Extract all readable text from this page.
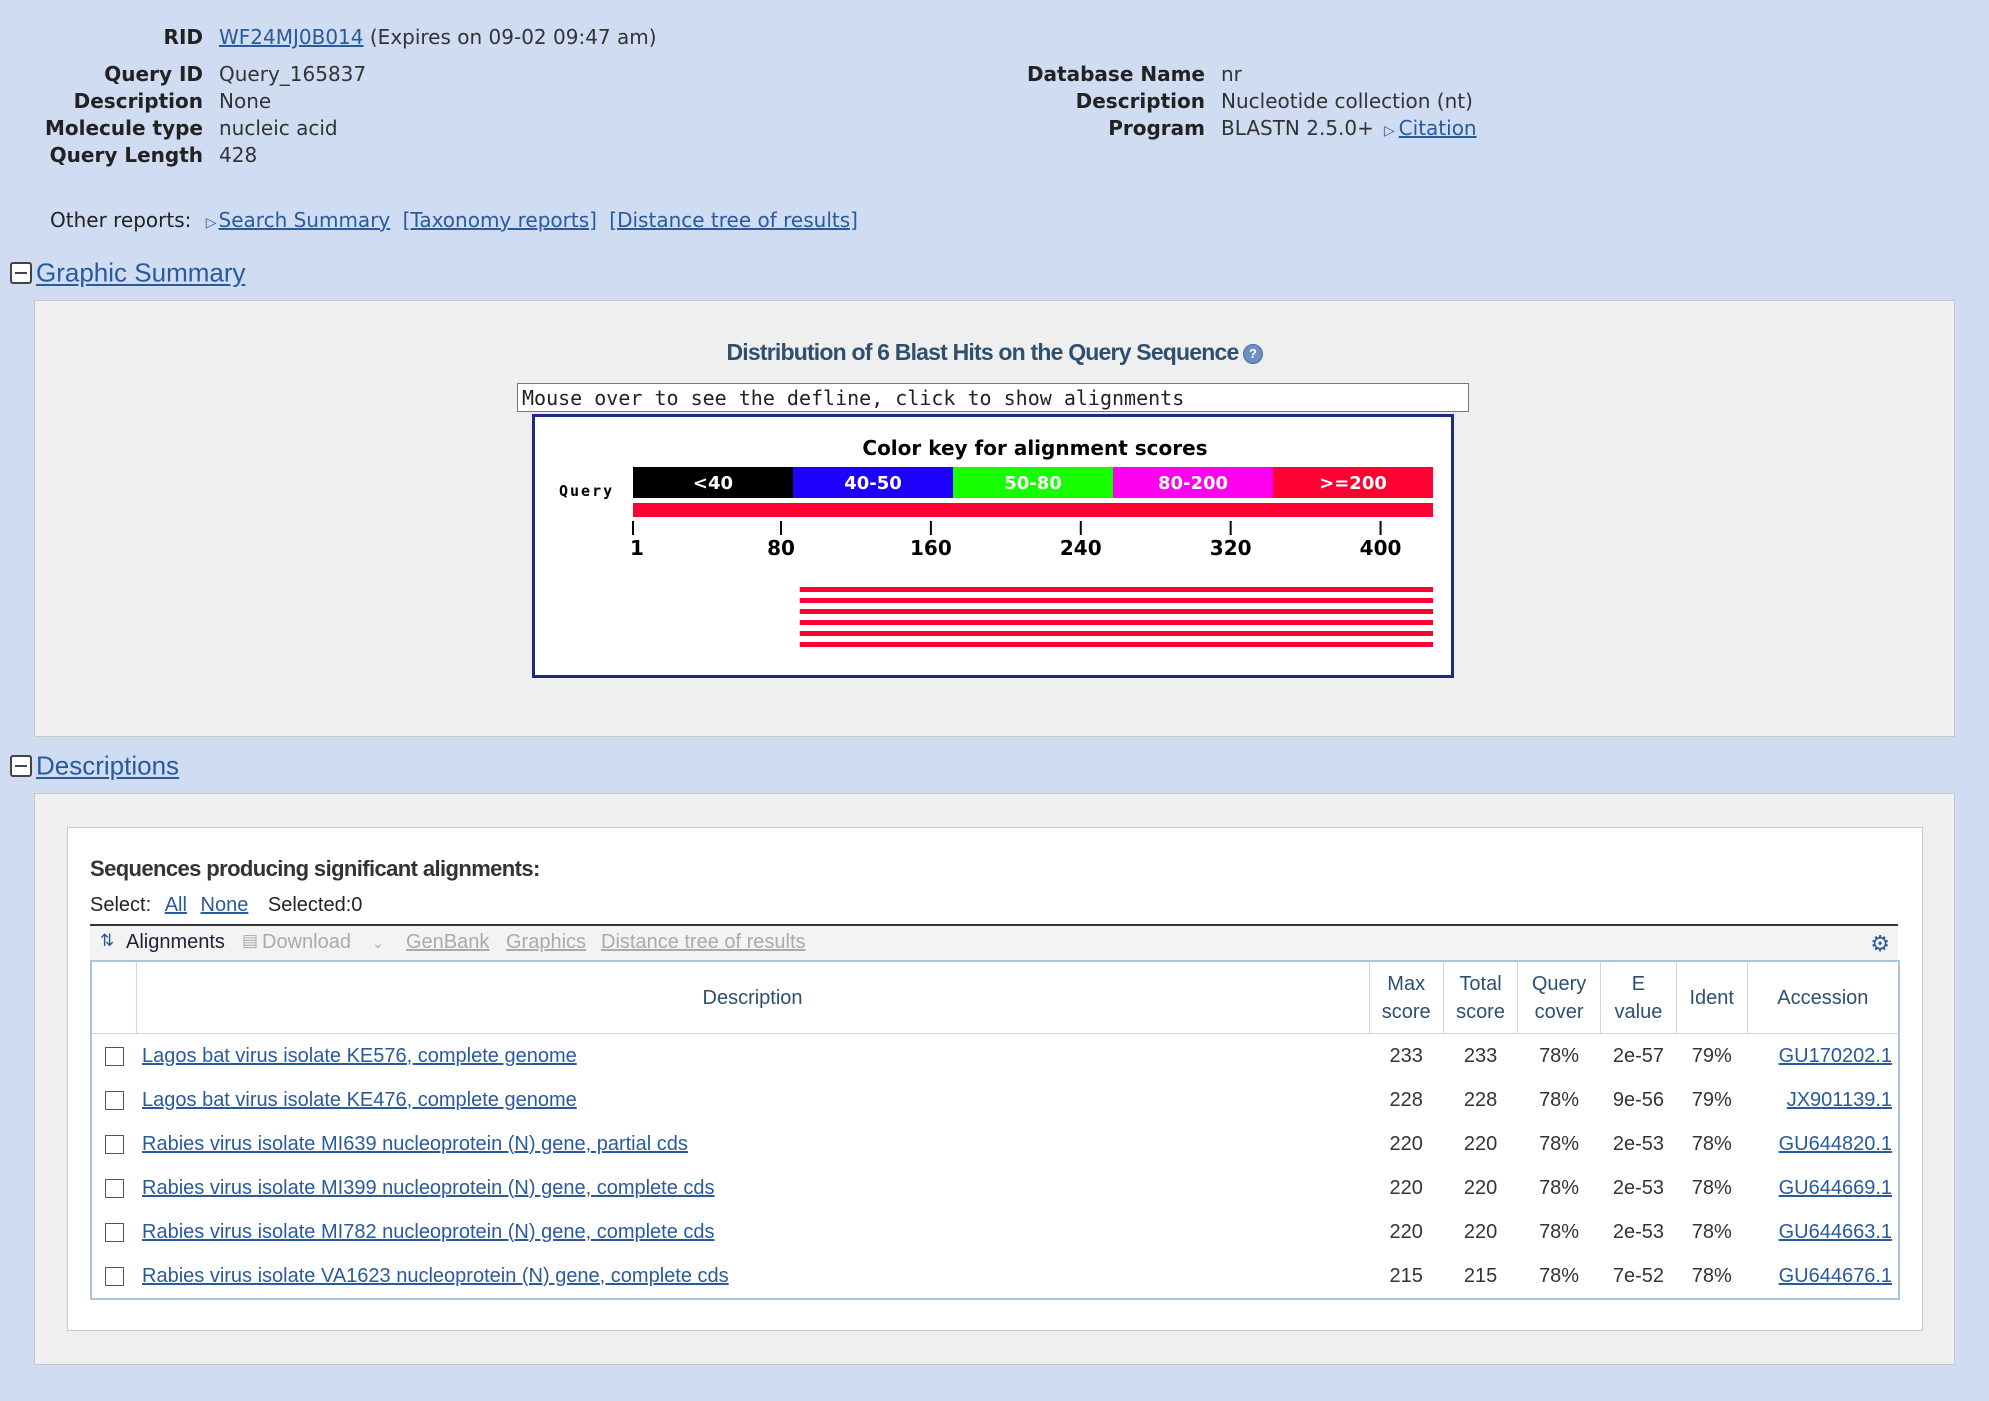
RID WF24MJ0B014 (Expires on 09-02 09:47 am)
Query ID Query_165837
Description None
Molecule type nucleic acid
Query Length 428
Database Name nr
Description Nucleotide collection (nt)
Program BLASTN 2.5.0+ ▷ Citation
Other reports: ▷ Search Summary [Taxonomy reports] [Distance tree of results]
Graphic Summary
Distribution of 6 Blast Hits on the Query Sequence ?
Mouse over to see the defline, click to show alignments
Color key for alignment scores
<40	40-50	50-80	80-200	>=200
Query
1	80	160	240	320	400
Descriptions
Sequences producing significant alignments:
Select: All None Selected:0
⇅ Alignments ▤ Download ⌄ GenBank Graphics Distance tree of results	⚙
	Description	Max
score	Total
score	Query
cover	E
value	Ident	Accession
	Lagos bat virus isolate KE576, complete genome	233	233	78%	2e-57	79%	GU170202.1
	Lagos bat virus isolate KE476, complete genome	228	228	78%	9e-56	79%	JX901139.1
	Rabies virus isolate MI639 nucleoprotein (N) gene, partial cds	220	220	78%	2e-53	78%	GU644820.1
	Rabies virus isolate MI399 nucleoprotein (N) gene, complete cds	220	220	78%	2e-53	78%	GU644669.1
	Rabies virus isolate MI782 nucleoprotein (N) gene, complete cds	220	220	78%	2e-53	78%	GU644663.1
	Rabies virus isolate VA1623 nucleoprotein (N) gene, complete cds	215	215	78%	7e-52	78%	GU644676.1
